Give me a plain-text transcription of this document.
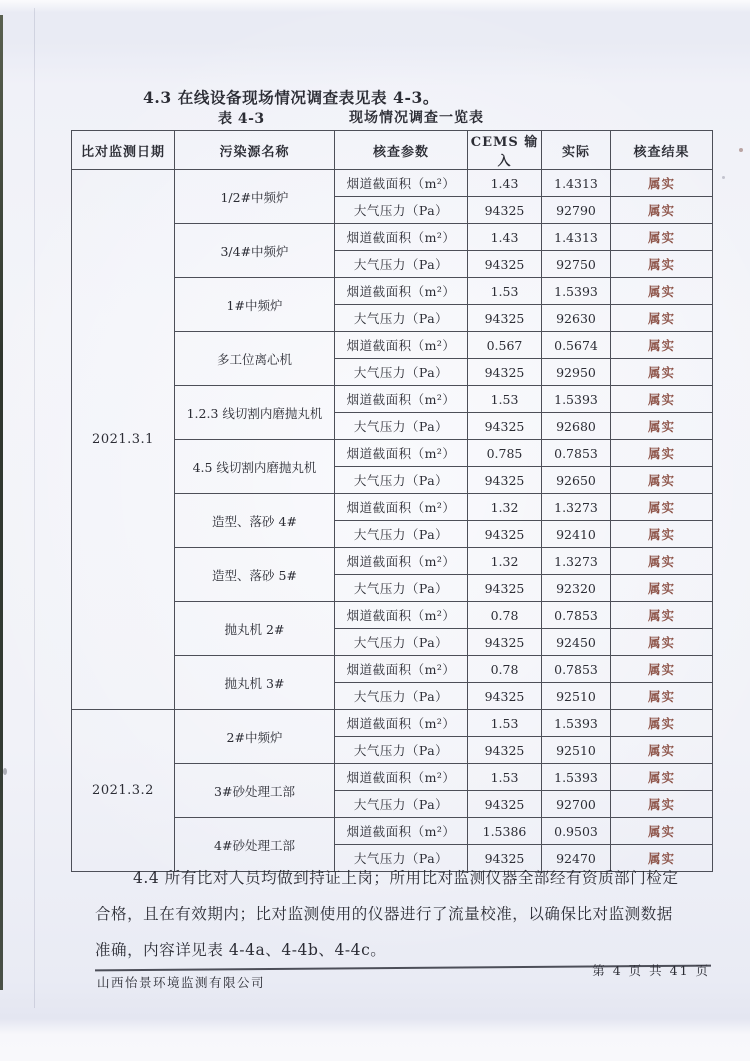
4.3 在线设备现场情况调查表见表 4-3。
表 4-3	现场情况调查一览表
比对监测日期	污染源名称	核查参数	CEMS 输入	实际	核查结果
2021.3.1	1/2#中频炉	烟道截面积（m²）	1.43	1.4313	属实
		大气压力（Pa）	94325	92790	属实
	3/4#中频炉	烟道截面积（m²）	1.43	1.4313	属实
		大气压力（Pa）	94325	92750	属实
	1#中频炉	烟道截面积（m²）	1.53	1.5393	属实
		大气压力（Pa）	94325	92630	属实
	多工位离心机	烟道截面积（m²）	0.567	0.5674	属实
		大气压力（Pa）	94325	92950	属实
	1.2.3 线切割内磨抛丸机	烟道截面积（m²）	1.53	1.5393	属实
		大气压力（Pa）	94325	92680	属实
	4.5 线切割内磨抛丸机	烟道截面积（m²）	0.785	0.7853	属实
		大气压力（Pa）	94325	92650	属实
	造型、落砂 4#	烟道截面积（m²）	1.32	1.3273	属实
		大气压力（Pa）	94325	92410	属实
	造型、落砂 5#	烟道截面积（m²）	1.32	1.3273	属实
		大气压力（Pa）	94325	92320	属实
	抛丸机 2#	烟道截面积（m²）	0.78	0.7853	属实
		大气压力（Pa）	94325	92450	属实
	抛丸机 3#	烟道截面积（m²）	0.78	0.7853	属实
		大气压力（Pa）	94325	92510	属实
2021.3.2	2#中频炉	烟道截面积（m²）	1.53	1.5393	属实
		大气压力（Pa）	94325	92510	属实
	3#砂处理工部	烟道截面积（m²）	1.53	1.5393	属实
		大气压力（Pa）	94325	92700	属实
	4#砂处理工部	烟道截面积（m²）	1.5386	0.9503	属实
		大气压力（Pa）	94325	92470	属实
4.4 所有比对人员均做到持证上岗；所用比对监测仪器全部经有资质部门检定
合格，且在有效期内；比对监测使用的仪器进行了流量校准，以确保比对监测数据
准确，内容详见表 4-4a、4-4b、4-4c。
山西怡景环境监测有限公司
第 4 页 共 41 页
